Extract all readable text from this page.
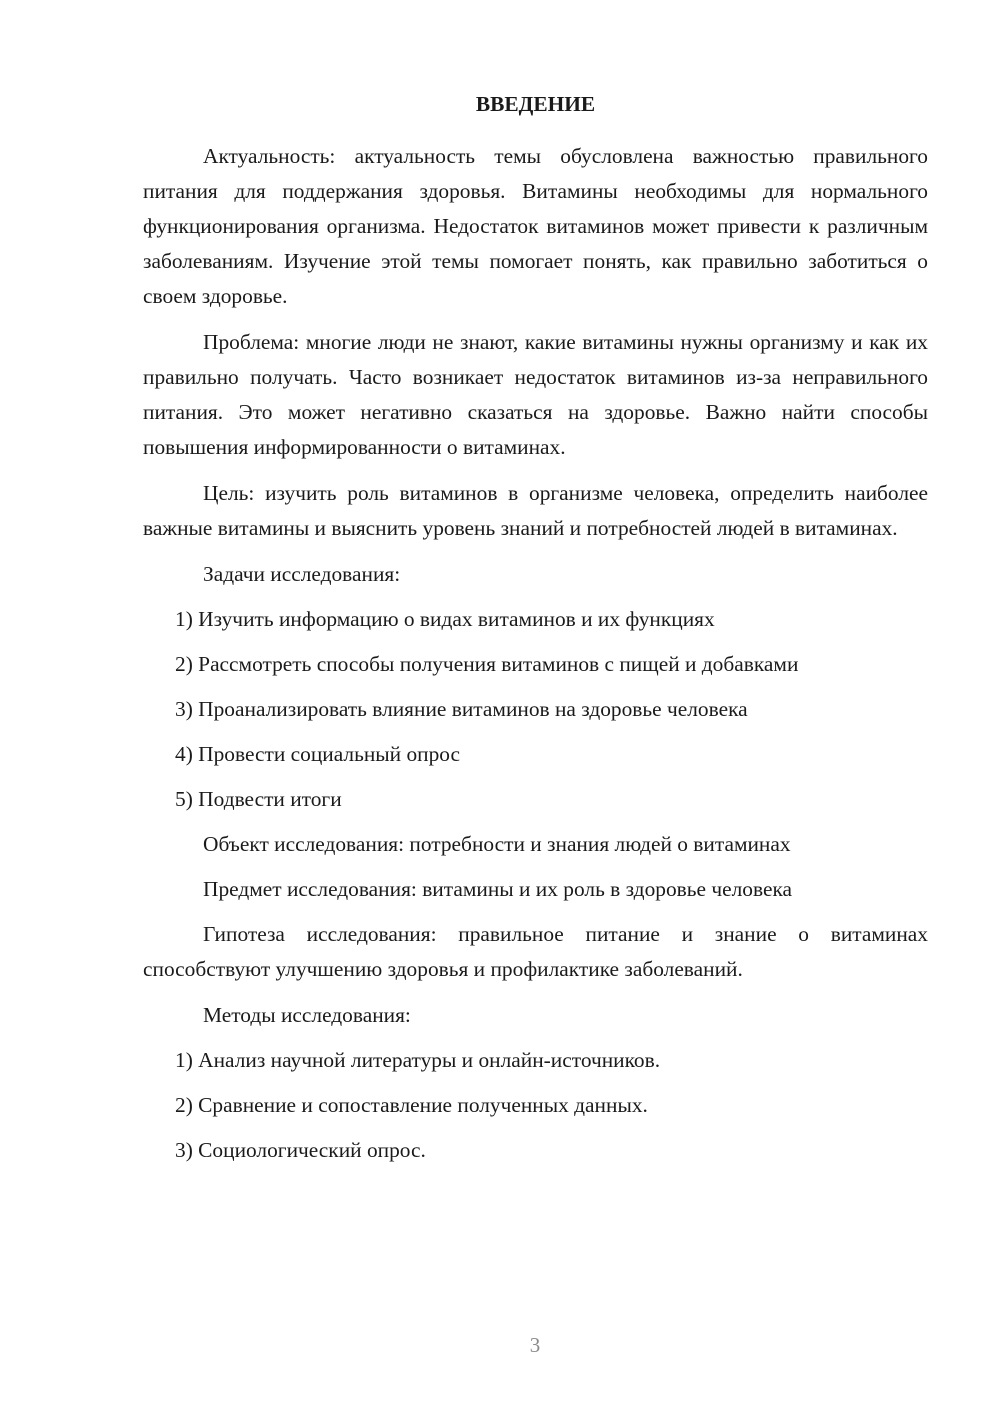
ВВЕДЕНИЕ

Актуальность: актуальность темы обусловлена важностью правильного питания для поддержания здоровья. Витамины необходимы для нормального функционирования организма. Недостаток витаминов может привести к различным заболеваниям. Изучение этой темы помогает понять, как правильно заботиться о своем здоровье.

Проблема: многие люди не знают, какие витамины нужны организму и как их правильно получать. Часто возникает недостаток витаминов из-за неправильного питания. Это может негативно сказаться на здоровье. Важно найти способы повышения информированности о витаминах.

Цель: изучить роль витаминов в организме человека, определить наиболее важные витамины и выяснить уровень знаний и потребностей людей в витаминах.

Задачи исследования:
1) Изучить информацию о видах витаминов и их функциях
2) Рассмотреть способы получения витаминов с пищей и добавками
3) Проанализировать влияние витаминов на здоровье человека
4) Провести социальный опрос
5) Подвести итоги
Объект исследования: потребности и знания людей о витаминах
Предмет исследования: витамины и их роль в здоровье человека

Гипотеза исследования: правильное питание и знание о витаминах способствуют улучшению здоровья и профилактике заболеваний.

Методы исследования:
1) Анализ научной литературы и онлайн-источников.
2) Сравнение и сопоставление полученных данных.
3) Социологический опрос.
3
